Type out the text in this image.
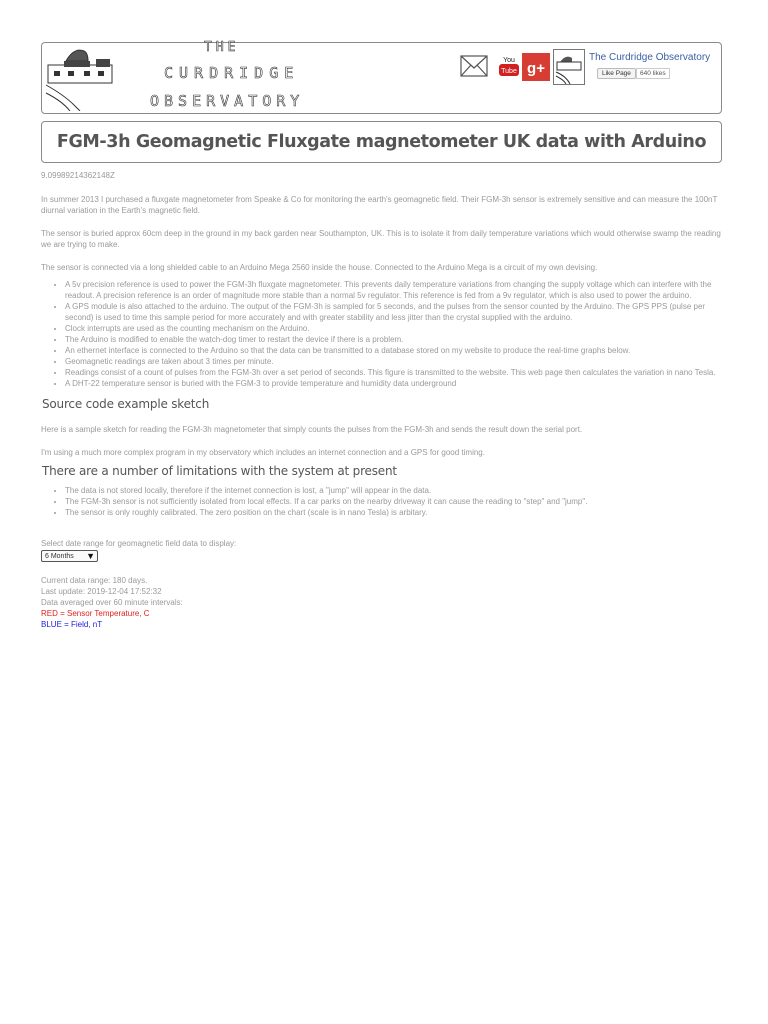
THE
CURDRIDGE
OBSERVATORY
You
Tube g+
The Curdridge Observatory
Like Page	640 likes
FGM-3h Geomagnetic Fluxgate magnetometer UK data with Arduino

9.09989214362148Z

In summer 2013 I purchased a fluxgate magnetometer from Speake & Co for monitoring the earth's geomagnetic field. Their FGM-3h sensor is extremely sensitive and can measure the 100nT diurnal variation in the Earth's magnetic field.

The sensor is buried approx 60cm deep in the ground in my back garden near Southampton, UK. This is to isolate it from daily temperature variations which would otherwise swamp the reading we are trying to make.

The sensor is connected via a long shielded cable to an Arduino Mega 2560 inside the house. Connected to the Arduino Mega is a circuit of my own devising.

• A 5v precision reference is used to power the FGM-3h fluxgate magnetometer. This prevents daily temperature variations from changing the supply voltage which can interfere with the readout. A precision reference is an order of magnitude more stable than a normal 5v regulator. This reference is fed from a 9v regulator, which is also used to power the arduino.
• A GPS module is also attached to the arduino. The output of the FGM-3h is sampled for 5 seconds, and the pulses from the sensor counted by the Arduino. The GPS PPS (pulse per second) is used to time this sample period for more accurately and with greater stability and less jitter than the crystal supplied with the arduino.
• Clock interrupts are used as the counting mechanism on the Arduino.
• The Arduino is modified to enable the watch-dog timer to restart the device if there is a problem.
• An ethernet interface is connected to the Arduino so that the data can be transmitted to a database stored on my website to produce the real-time graphs below.
• Geomagnetic readings are taken about 3 times per minute.
• Readings consist of a count of pulses from the FGM-3h over a set period of seconds. This figure is transmitted to the website. This web page then calculates the variation in nano Tesla.
• A DHT-22 temperature sensor is buried with the FGM-3 to provide temperature and humidity data underground
Source code example sketch

Here is a sample sketch for reading the FGM-3h magnetometer that simply counts the pulses from the FGM-3h and sends the result down the serial port.

I'm using a much more complex program in my observatory which includes an internet connection and a GPS for good timing.

There are a number of limitations with the system at present
• The data is not stored locally, therefore if the internet connection is lost, a "jump" will appear in the data.
• The FGM-3h sensor is not sufficiently isolated from local effects. If a car parks on the nearby driveway it can cause the reading to "step" and "jump".
• The sensor is only roughly calibrated. The zero position on the chart (scale is in nano Tesla) is arbitary.

Select date range for geomagnetic field data to display:

6 Months ▼

Current data range: 180 days.

Last update: 2019-12-04 17:52:32

Data averaged over 60 minute intervals:

RED = Sensor Temperature, C

BLUE = Field, nT
